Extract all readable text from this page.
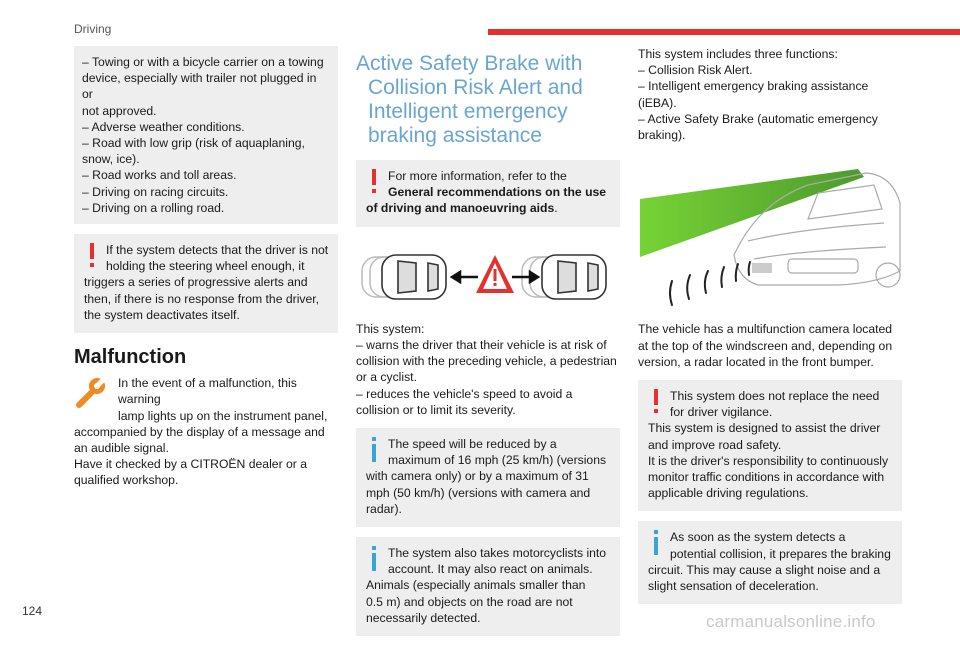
Driving
– Towing or with a bicycle carrier on a towing
device, especially with trailer not plugged in or
not approved.
– Adverse weather conditions.
– Road with low grip (risk of aquaplaning,
snow, ice).
– Road works and toll areas.
– Driving on racing circuits.
– Driving on a rolling road.
If the system detects that the driver is not
holding the steering wheel enough, it
triggers a series of progressive alerts and
then, if there is no response from the driver,
the system deactivates itself.
Malfunction
In the event of a malfunction, this warning
lamp lights up on the instrument panel,
accompanied by the display of a message and
an audible signal.
Have it checked by a CITROËN dealer or a
qualified workshop.
Active Safety Brake with
Collision Risk Alert and
Intelligent emergency
braking assistance
For more information, refer to the
General recommendations on the use
of driving and manoeuvring aids.

This system:
– warns the driver that their vehicle is at risk of
collision with the preceding vehicle, a pedestrian
or a cyclist.
– reduces the vehicle's speed to avoid a
collision or to limit its severity.

The speed will be reduced by a
maximum of 16 mph (25 km/h) (versions
with camera only) or by a maximum of 31
mph (50 km/h) (versions with camera and
radar).
The system also takes motorcyclists into
account. It may also react on animals.
Animals (especially animals smaller than
0.5 m) and objects on the road are not
necessarily detected.

This system includes three functions:
– Collision Risk Alert.
– Intelligent emergency braking assistance
(iEBA).
– Active Safety Brake (automatic emergency
braking).

The vehicle has a multifunction camera located
at the top of the windscreen and, depending on
version, a radar located in the front bumper.

This system does not replace the need
for driver vigilance.
This system is designed to assist the driver
and improve road safety.
It is the driver's responsibility to continuously
monitor traffic conditions in accordance with
applicable driving regulations.
As soon as the system detects a
potential collision, it prepares the braking
circuit. This may cause a slight noise and a
slight sensation of deceleration.
124
carmanualsonline.info
